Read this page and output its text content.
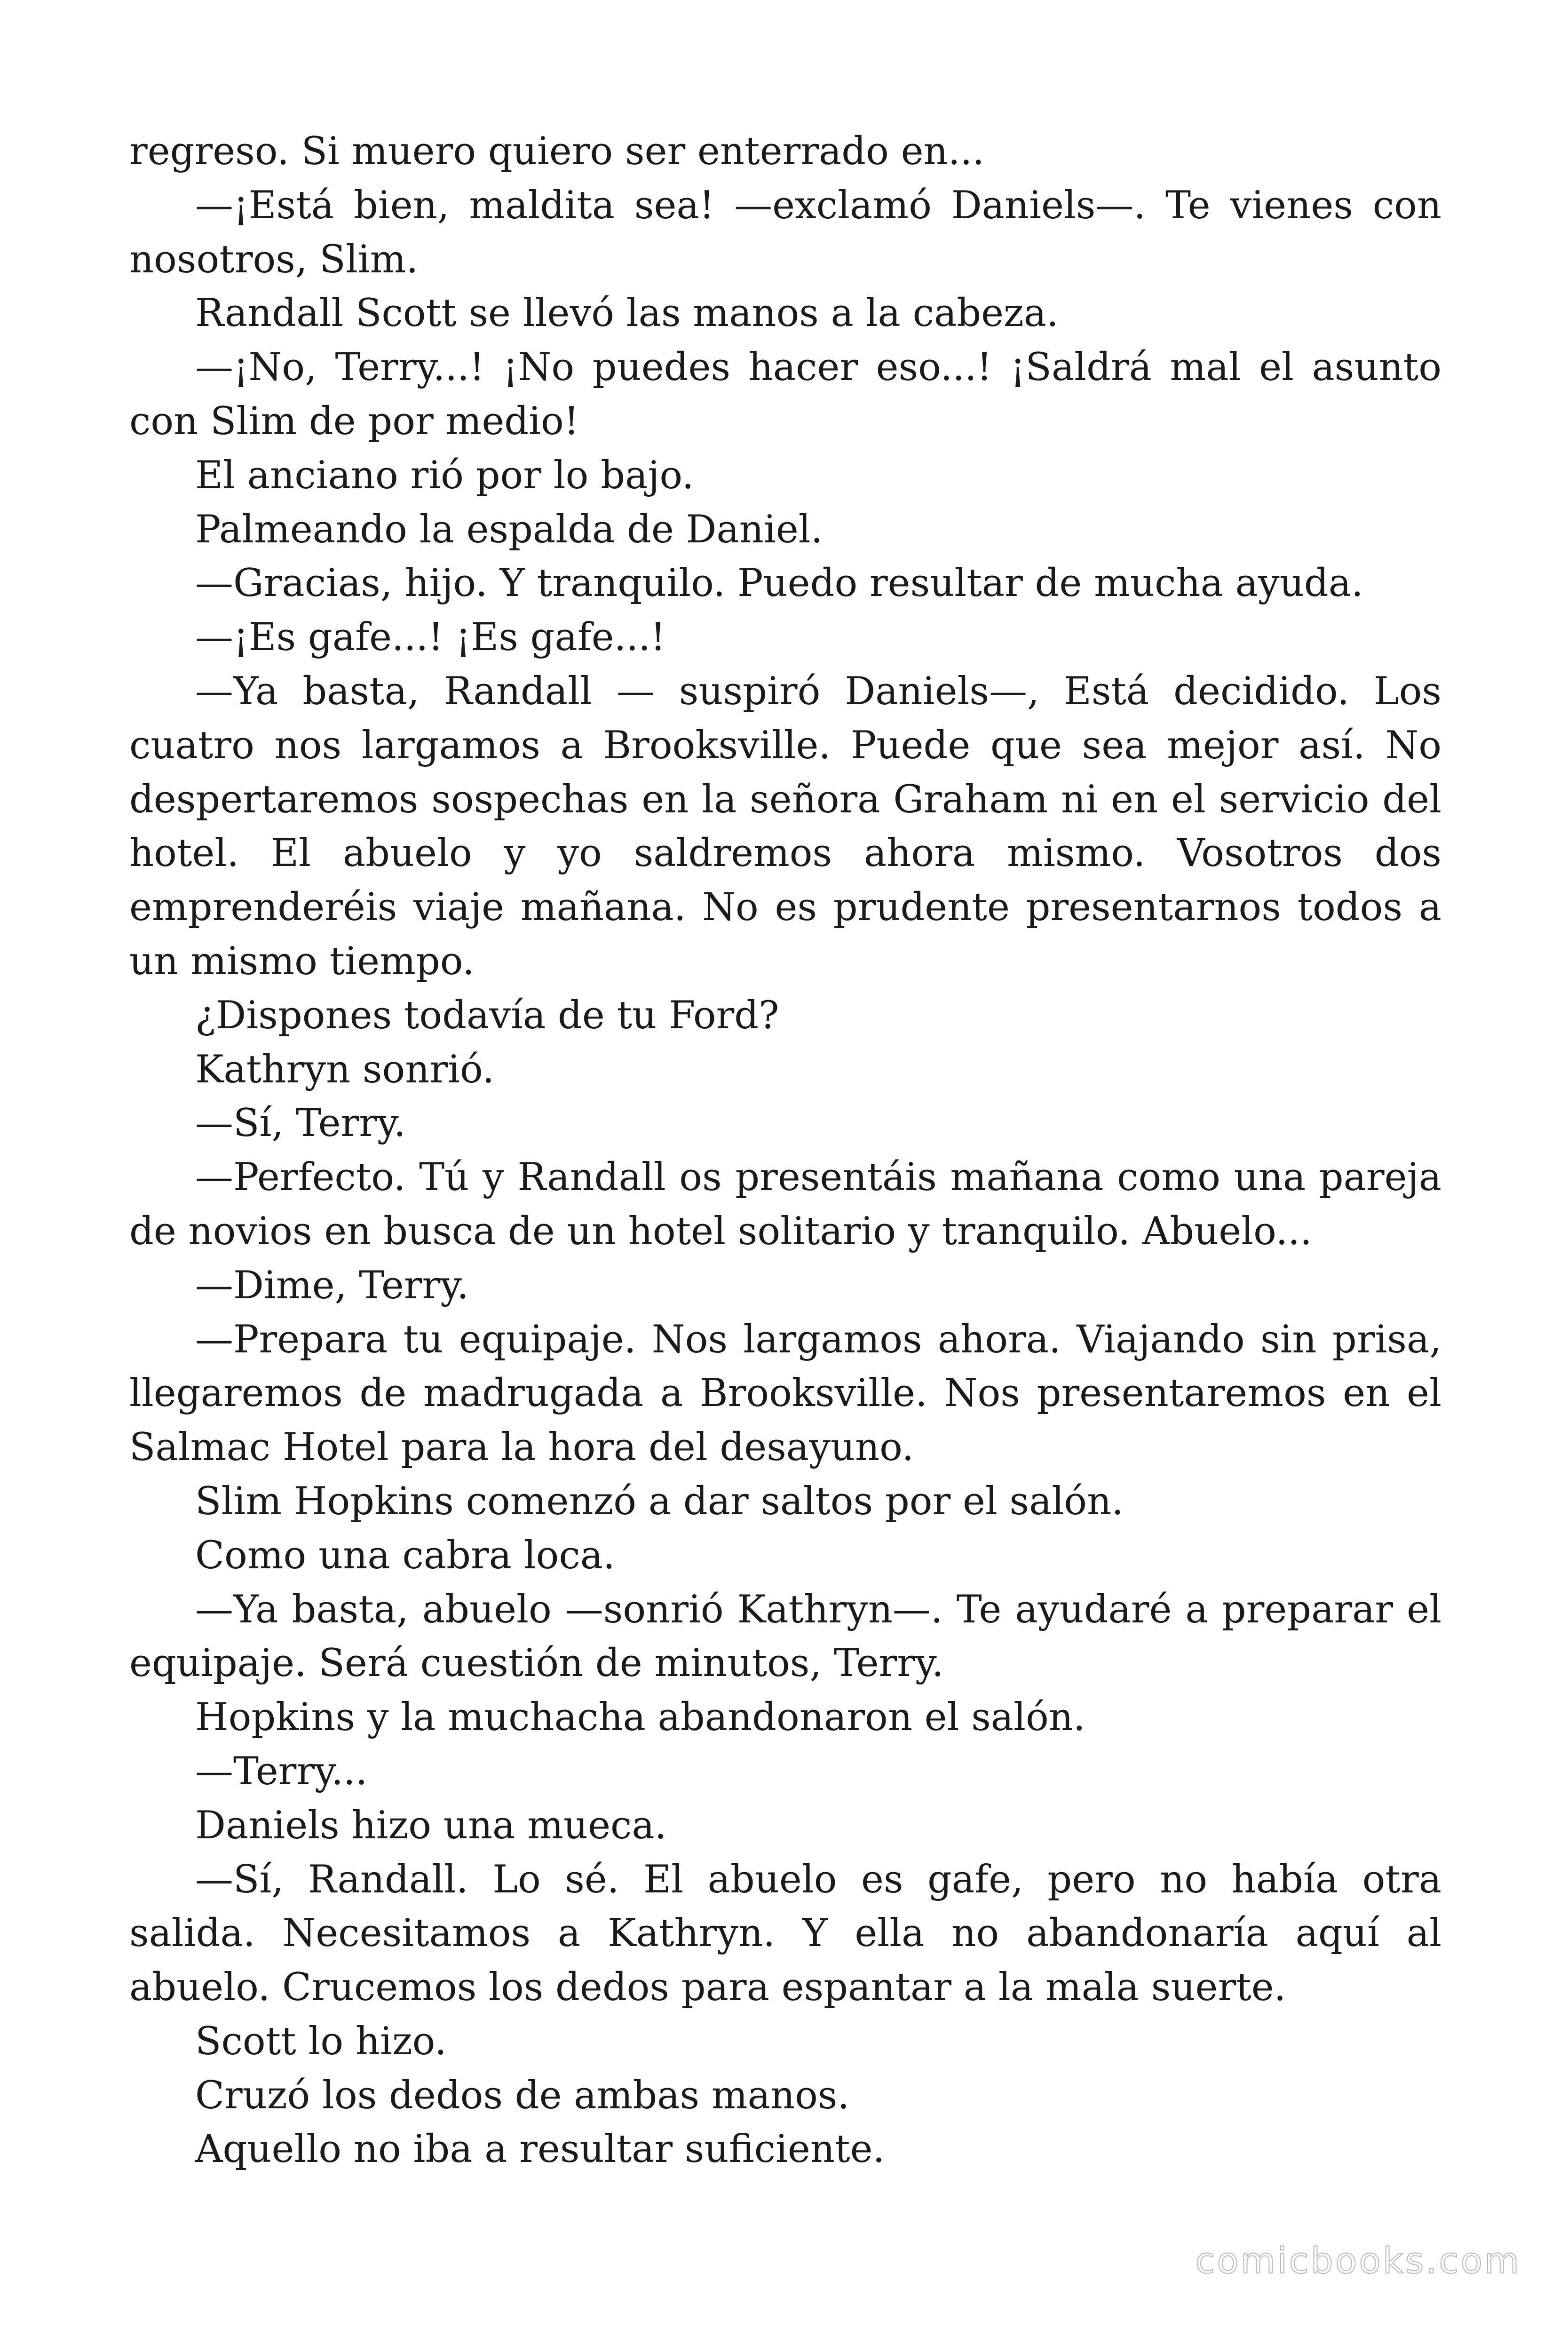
regreso. Si muero quiero ser enterrado en...

—¡Está bien, maldita sea! —exclamó Daniels—. Te vienes con nosotros, Slim.

Randall Scott se llevó las manos a la cabeza.

—¡No, Terry...! ¡No puedes hacer eso...! ¡Saldrá mal el asunto con Slim de por medio!

El anciano rió por lo bajo.

Palmeando la espalda de Daniel.

—Gracias, hijo. Y tranquilo. Puedo resultar de mucha ayuda.

—¡Es gafe...! ¡Es gafe...!

—Ya basta, Randall — suspiró Daniels—, Está decidido. Los cuatro nos largamos a Brooksville. Puede que sea mejor así. No despertaremos sospechas en la señora Graham ni en el servicio del hotel. El abuelo y yo saldremos ahora mismo. Vosotros dos emprenderéis viaje mañana. No es prudente presentarnos todos a un mismo tiempo.

¿Dispones todavía de tu Ford?

Kathryn sonrió.

—Sí, Terry.

—Perfecto. Tú y Randall os presentáis mañana como una pareja de novios en busca de un hotel solitario y tranquilo. Abuelo...

—Dime, Terry.

—Prepara tu equipaje. Nos largamos ahora. Viajando sin prisa, llegaremos de madrugada a Brooksville. Nos presentaremos en el Salmac Hotel para la hora del desayuno.

Slim Hopkins comenzó a dar saltos por el salón.

Como una cabra loca.

—Ya basta, abuelo —sonrió Kathryn—. Te ayudaré a preparar el equipaje. Será cuestión de minutos, Terry.

Hopkins y la muchacha abandonaron el salón.

—Terry...

Daniels hizo una mueca.

—Sí, Randall. Lo sé. El abuelo es gafe, pero no había otra salida. Necesitamos a Kathryn. Y ella no abandonaría aquí al abuelo. Crucemos los dedos para espantar a la mala suerte.

Scott lo hizo.

Cruzó los dedos de ambas manos.

Aquello no iba a resultar suficiente.

comicbooks.com
